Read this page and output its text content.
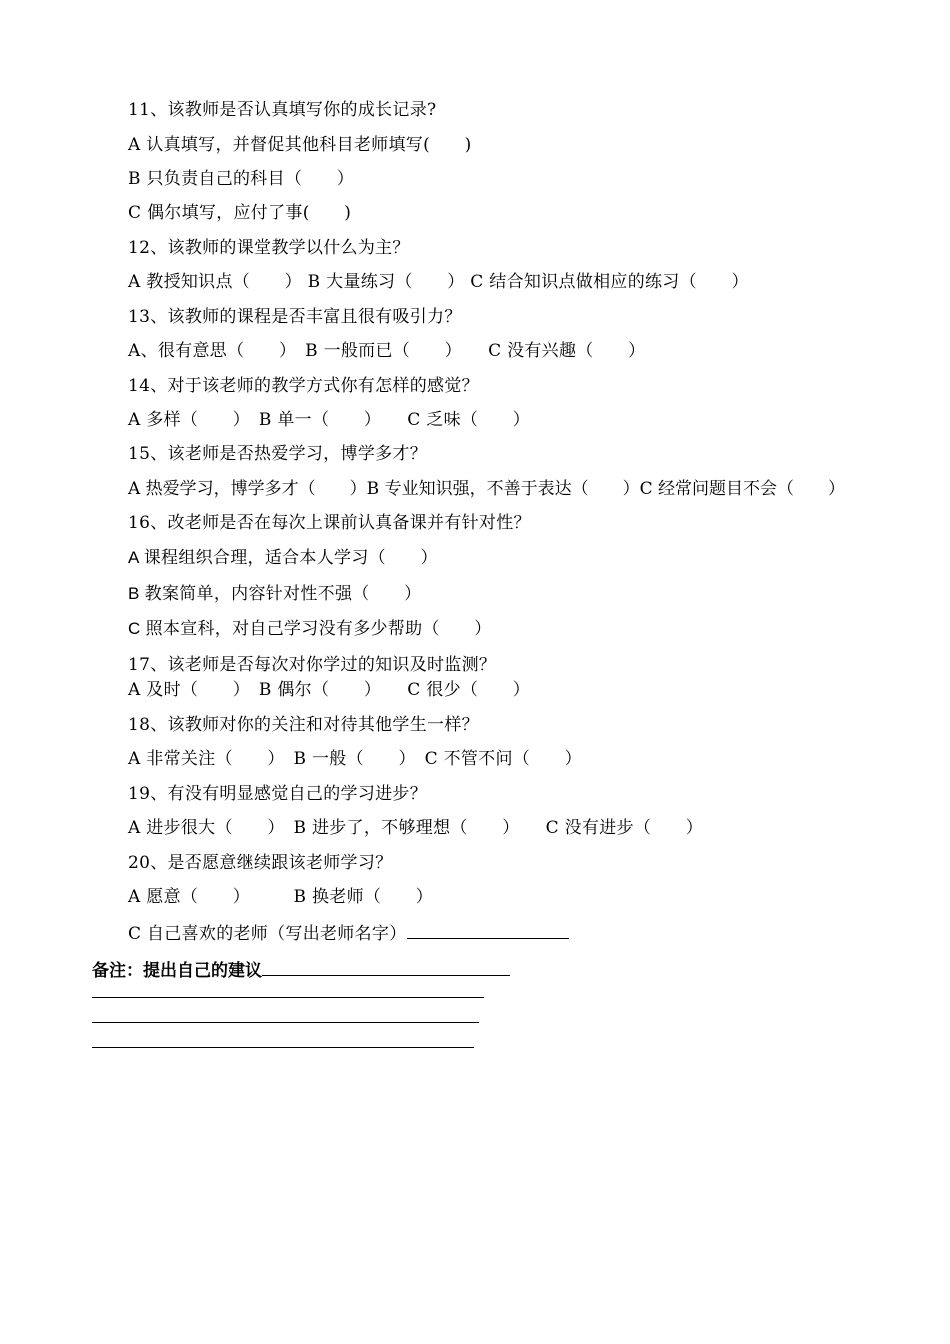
11、该教师是否认真填写你的成长记录?
A 认真填写，并督促其他科目老师填写(　　)
B 只负责自己的科目（　　）
C 偶尔填写，应付了事(　　)
12、该教师的课堂教学以什么为主？
A 教授知识点（　　） B 大量练习（　　） C 结合知识点做相应的练习（　　）
13、该教师的课程是否丰富且很有吸引力？
A、很有意思（　　）　B 一般而已（　　）　　C 没有兴趣（　　）
14、对于该老师的教学方式你有怎样的感觉？
A 多样（　　）　B 单一（　　）　　C 乏味（　　）
15、该老师是否热爱学习，博学多才？
A 热爱学习，博学多才（　　）B 专业知识强，不善于表达（　　）C 经常问题目不会（　　）
16、改老师是否在每次上课前认真备课并有针对性？
A 课程组织合理，适合本人学习（　　）
B 教案简单，内容针对性不强（　　）
C 照本宣科，对自己学习没有多少帮助（　　）
17、该老师是否每次对你学过的知识及时监测？
A 及时（　　）　B 偶尔（　　）　　C 很少（　　）
18、该教师对你的关注和对待其他学生一样？
A 非常关注（　　）　B 一般（　　）　C 不管不问（　　）
19、有没有明显感觉自己的学习进步？
A 进步很大（　　）　B 进步了，不够理想（　　）　　C 没有进步（　　）
20、是否愿意继续跟该老师学习？
A 愿意（　　）　　　B 换老师（　　）
C 自己喜欢的老师（写出老师名字）
备注：提出自己的建议
